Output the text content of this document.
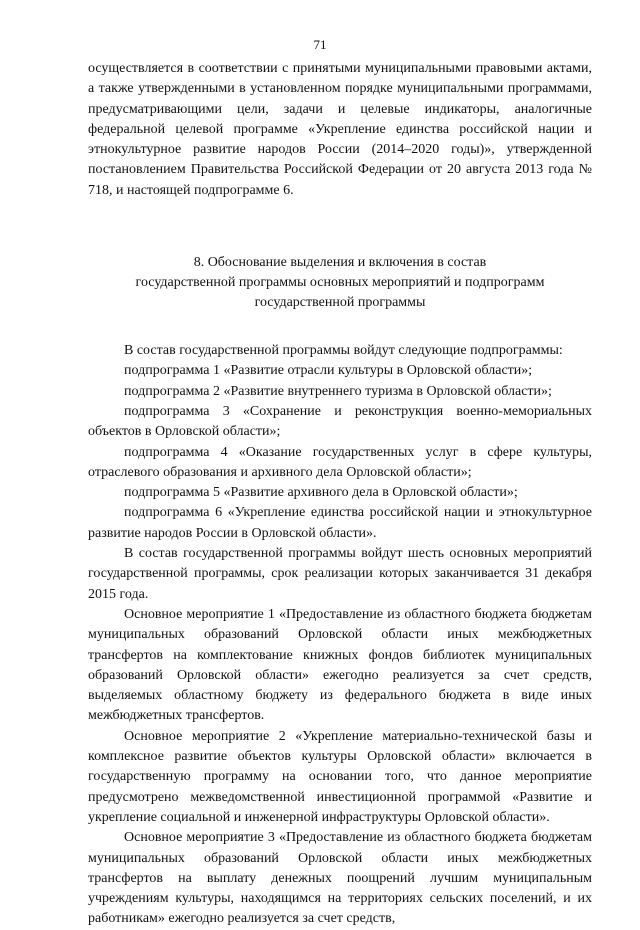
71

осуществляется в соответствии с принятыми муниципальными правовыми актами, а также утвержденными в установленном порядке муниципальными программами, предусматривающими цели, задачи и целевые индикаторы, аналогичные федеральной целевой программе «Укрепление единства российской нации и этнокультурное развитие народов России (2014–2020 годы)», утвержденной постановлением Правительства Российской Федерации от 20 августа 2013 года № 718, и настоящей подпрограмме 6.

8. Обоснование выделения и включения в состав
государственной программы основных мероприятий и подпрограмм
государственной программы

В состав государственной программы войдут следующие подпрограммы:

подпрограмма 1 «Развитие отрасли культуры в Орловской области»;

подпрограмма 2 «Развитие внутреннего туризма в Орловской области»;

подпрограмма 3 «Сохранение и реконструкция военно-мемориальных объектов в Орловской области»;

подпрограмма 4 «Оказание государственных услуг в сфере культуры, отраслевого образования и архивного дела Орловской области»;

подпрограмма 5 «Развитие архивного дела в Орловской области»;

подпрограмма 6 «Укрепление единства российской нации и этнокультурное развитие народов России в Орловской области».

В состав государственной программы войдут шесть основных мероприятий государственной программы, срок реализации которых заканчивается 31 декабря 2015 года.

Основное мероприятие 1 «Предоставление из областного бюджета бюджетам муниципальных образований Орловской области иных межбюджетных трансфертов на комплектование книжных фондов библиотек муниципальных образований Орловской области» ежегодно реализуется за счет средств, выделяемых областному бюджету из федерального бюджета в виде иных межбюджетных трансфертов.

Основное мероприятие 2 «Укрепление материально-технической базы и комплексное развитие объектов культуры Орловской области» включается в государственную программу на основании того, что данное мероприятие предусмотрено межведомственной инвестиционной программой «Развитие и укрепление социальной и инженерной инфраструктуры Орловской области».

Основное мероприятие 3 «Предоставление из областного бюджета бюджетам муниципальных образований Орловской области иных межбюджетных трансфертов на выплату денежных поощрений лучшим муниципальным учреждениям культуры, находящимся на территориях сельских поселений, и их работникам» ежегодно реализуется за счет средств,
